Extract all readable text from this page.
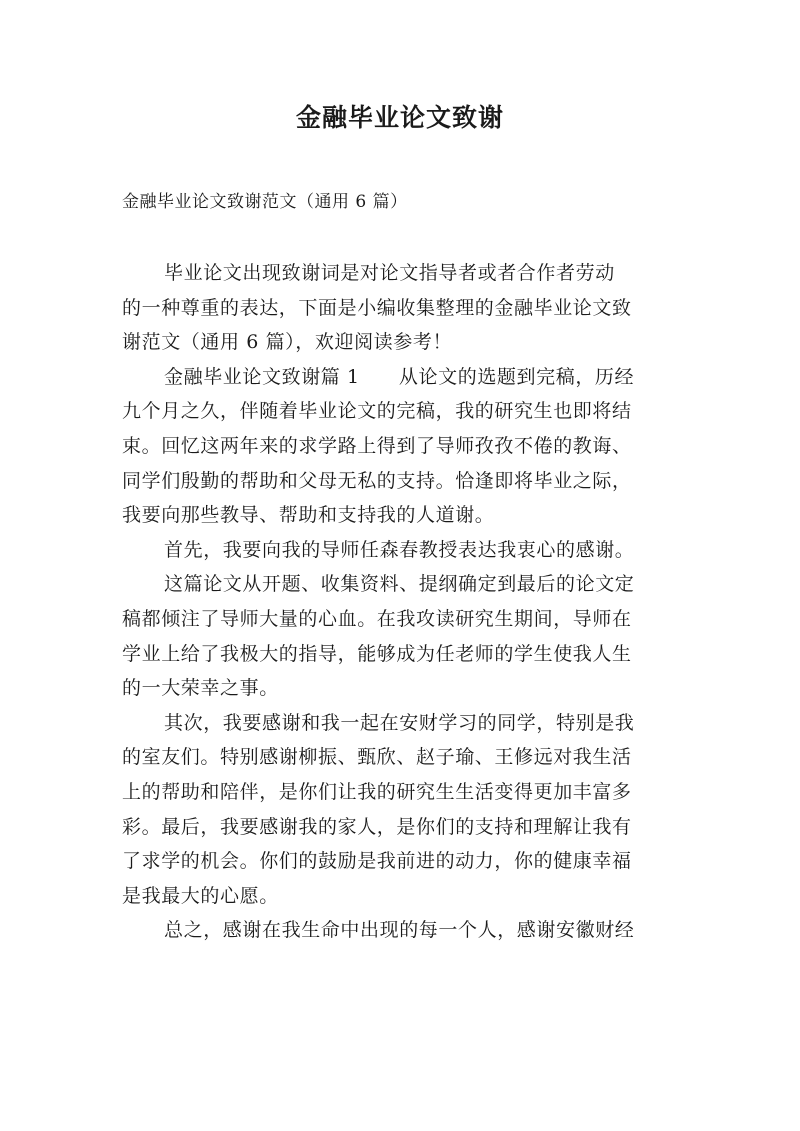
金融毕业论文致谢

金融毕业论文致谢范文（通用 6 篇）

毕业论文出现致谢词是对论文指导者或者合作者劳动
的一种尊重的表达，下面是小编收集整理的金融毕业论文致
谢范文（通用 6 篇），欢迎阅读参考！
金融毕业论文致谢篇 1　　从论文的选题到完稿，历经
九个月之久，伴随着毕业论文的完稿，我的研究生也即将结
束。回忆这两年来的求学路上得到了导师孜孜不倦的教诲、
同学们殷勤的帮助和父母无私的支持。恰逢即将毕业之际，
我要向那些教导、帮助和支持我的人道谢。
首先，我要向我的导师任森春教授表达我衷心的感谢。
这篇论文从开题、收集资料、提纲确定到最后的论文定
稿都倾注了导师大量的心血。在我攻读研究生期间，导师在
学业上给了我极大的指导，能够成为任老师的学生使我人生
的一大荣幸之事。
其次，我要感谢和我一起在安财学习的同学，特别是我
的室友们。特别感谢柳振、甄欣、赵子瑜、王修远对我生活
上的帮助和陪伴，是你们让我的研究生生活变得更加丰富多
彩。最后，我要感谢我的家人，是你们的支持和理解让我有
了求学的机会。你们的鼓励是我前进的动力，你的健康幸福
是我最大的心愿。
总之，感谢在我生命中出现的每一个人，感谢安徽财经
